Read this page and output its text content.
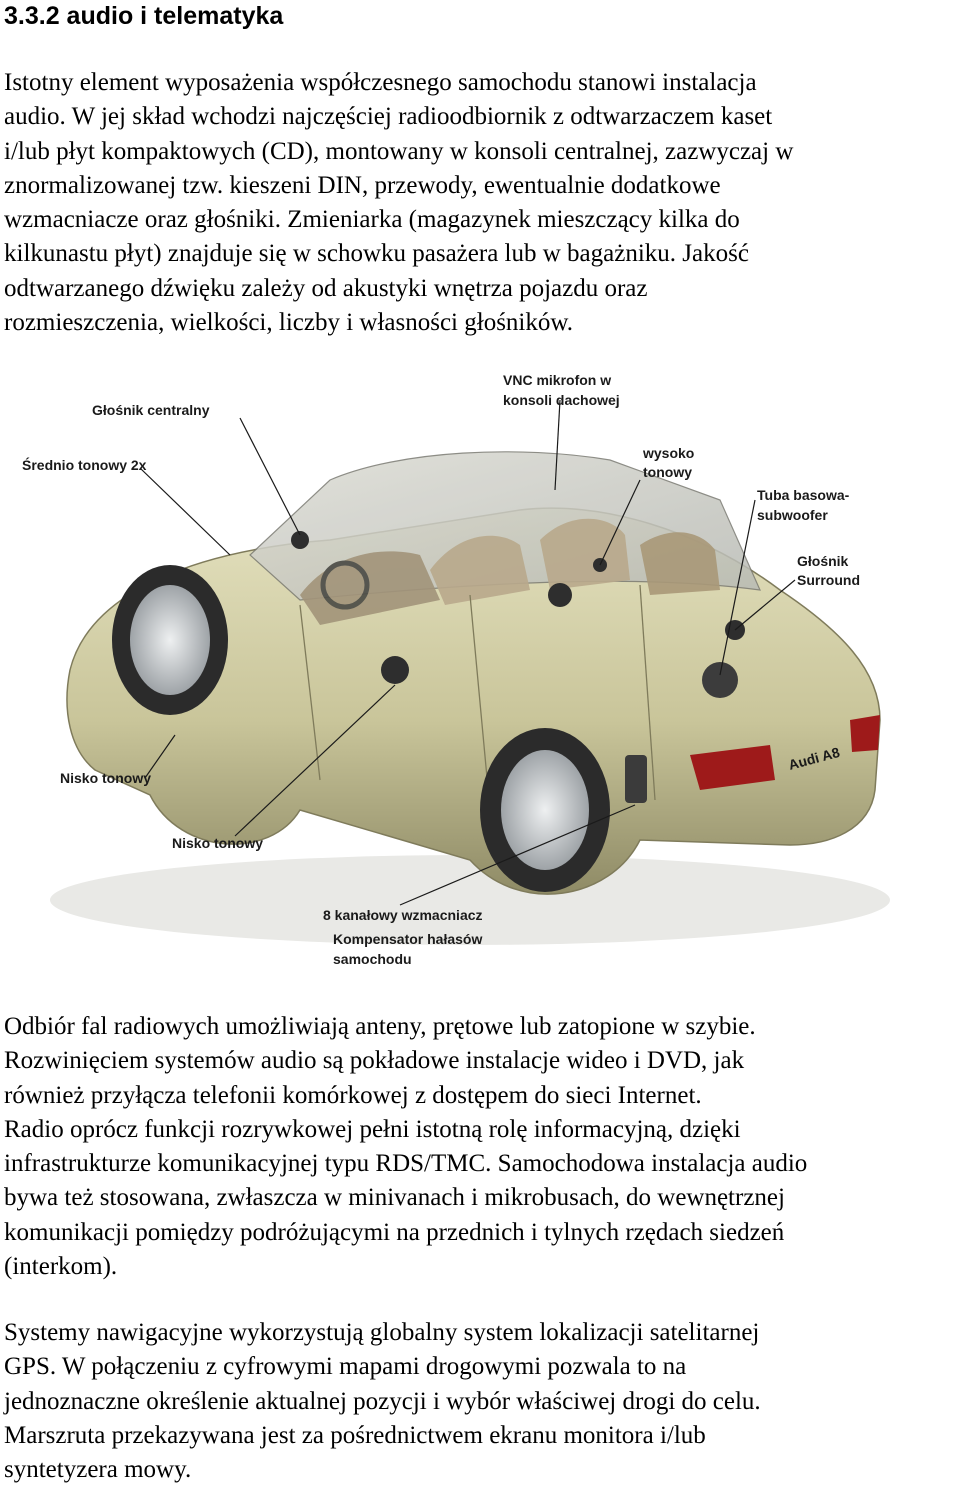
3.3.2 audio i telematyka

Istotny element wyposażenia współczesnego samochodu stanowi instalacja
audio. W jej skład wchodzi najczęściej radioodbiornik z odtwarzaczem kaset
i/lub płyt kompaktowych (CD), montowany w konsoli centralnej, zazwyczaj w
znormalizowanej tzw. kieszeni DIN, przewody, ewentualnie dodatkowe
wzmacniacze oraz głośniki. Zmieniarka (magazynek mieszczący kilka do
kilkunastu płyt) znajduje się w schowku pasażera lub w bagażniku. Jakość
odtwarzanego dźwięku zależy od akustyki wnętrza pojazdu oraz
rozmieszczenia, wielkości, liczby i własności głośników.

Audi A8
Głośnik centralny
Średnio tonowy 2x
VNC mikrofon w
konsoli dachowej
wysoko
tonowy
Tuba basowa-
subwoofer
Głośnik
Surround
Nisko tonowy
Nisko tonowy
8 kanałowy wzmacniacz
Kompensator hałasów
samochodu

Odbiór fal radiowych umożliwiają anteny, prętowe lub zatopione w szybie.
Rozwinięciem systemów audio są pokładowe instalacje wideo i DVD, jak
również przyłącza telefonii komórkowej z dostępem do sieci Internet.
Radio oprócz funkcji rozrywkowej pełni istotną rolę informacyjną, dzięki
infrastrukturze komunikacyjnej typu RDS/TMC. Samochodowa instalacja audio
bywa też stosowana, zwłaszcza w minivanach i mikrobusach, do wewnętrznej
komunikacji pomiędzy podróżującymi na przednich i tylnych rzędach siedzeń
(interkom).

Systemy nawigacyjne wykorzystują globalny system lokalizacji satelitarnej
GPS. W połączeniu z cyfrowymi mapami drogowymi pozwala to na
jednoznaczne określenie aktualnej pozycji i wybór właściwej drogi do celu.
Marszruta przekazywana jest za pośrednictwem ekranu monitora i/lub
syntetyzera mowy.
